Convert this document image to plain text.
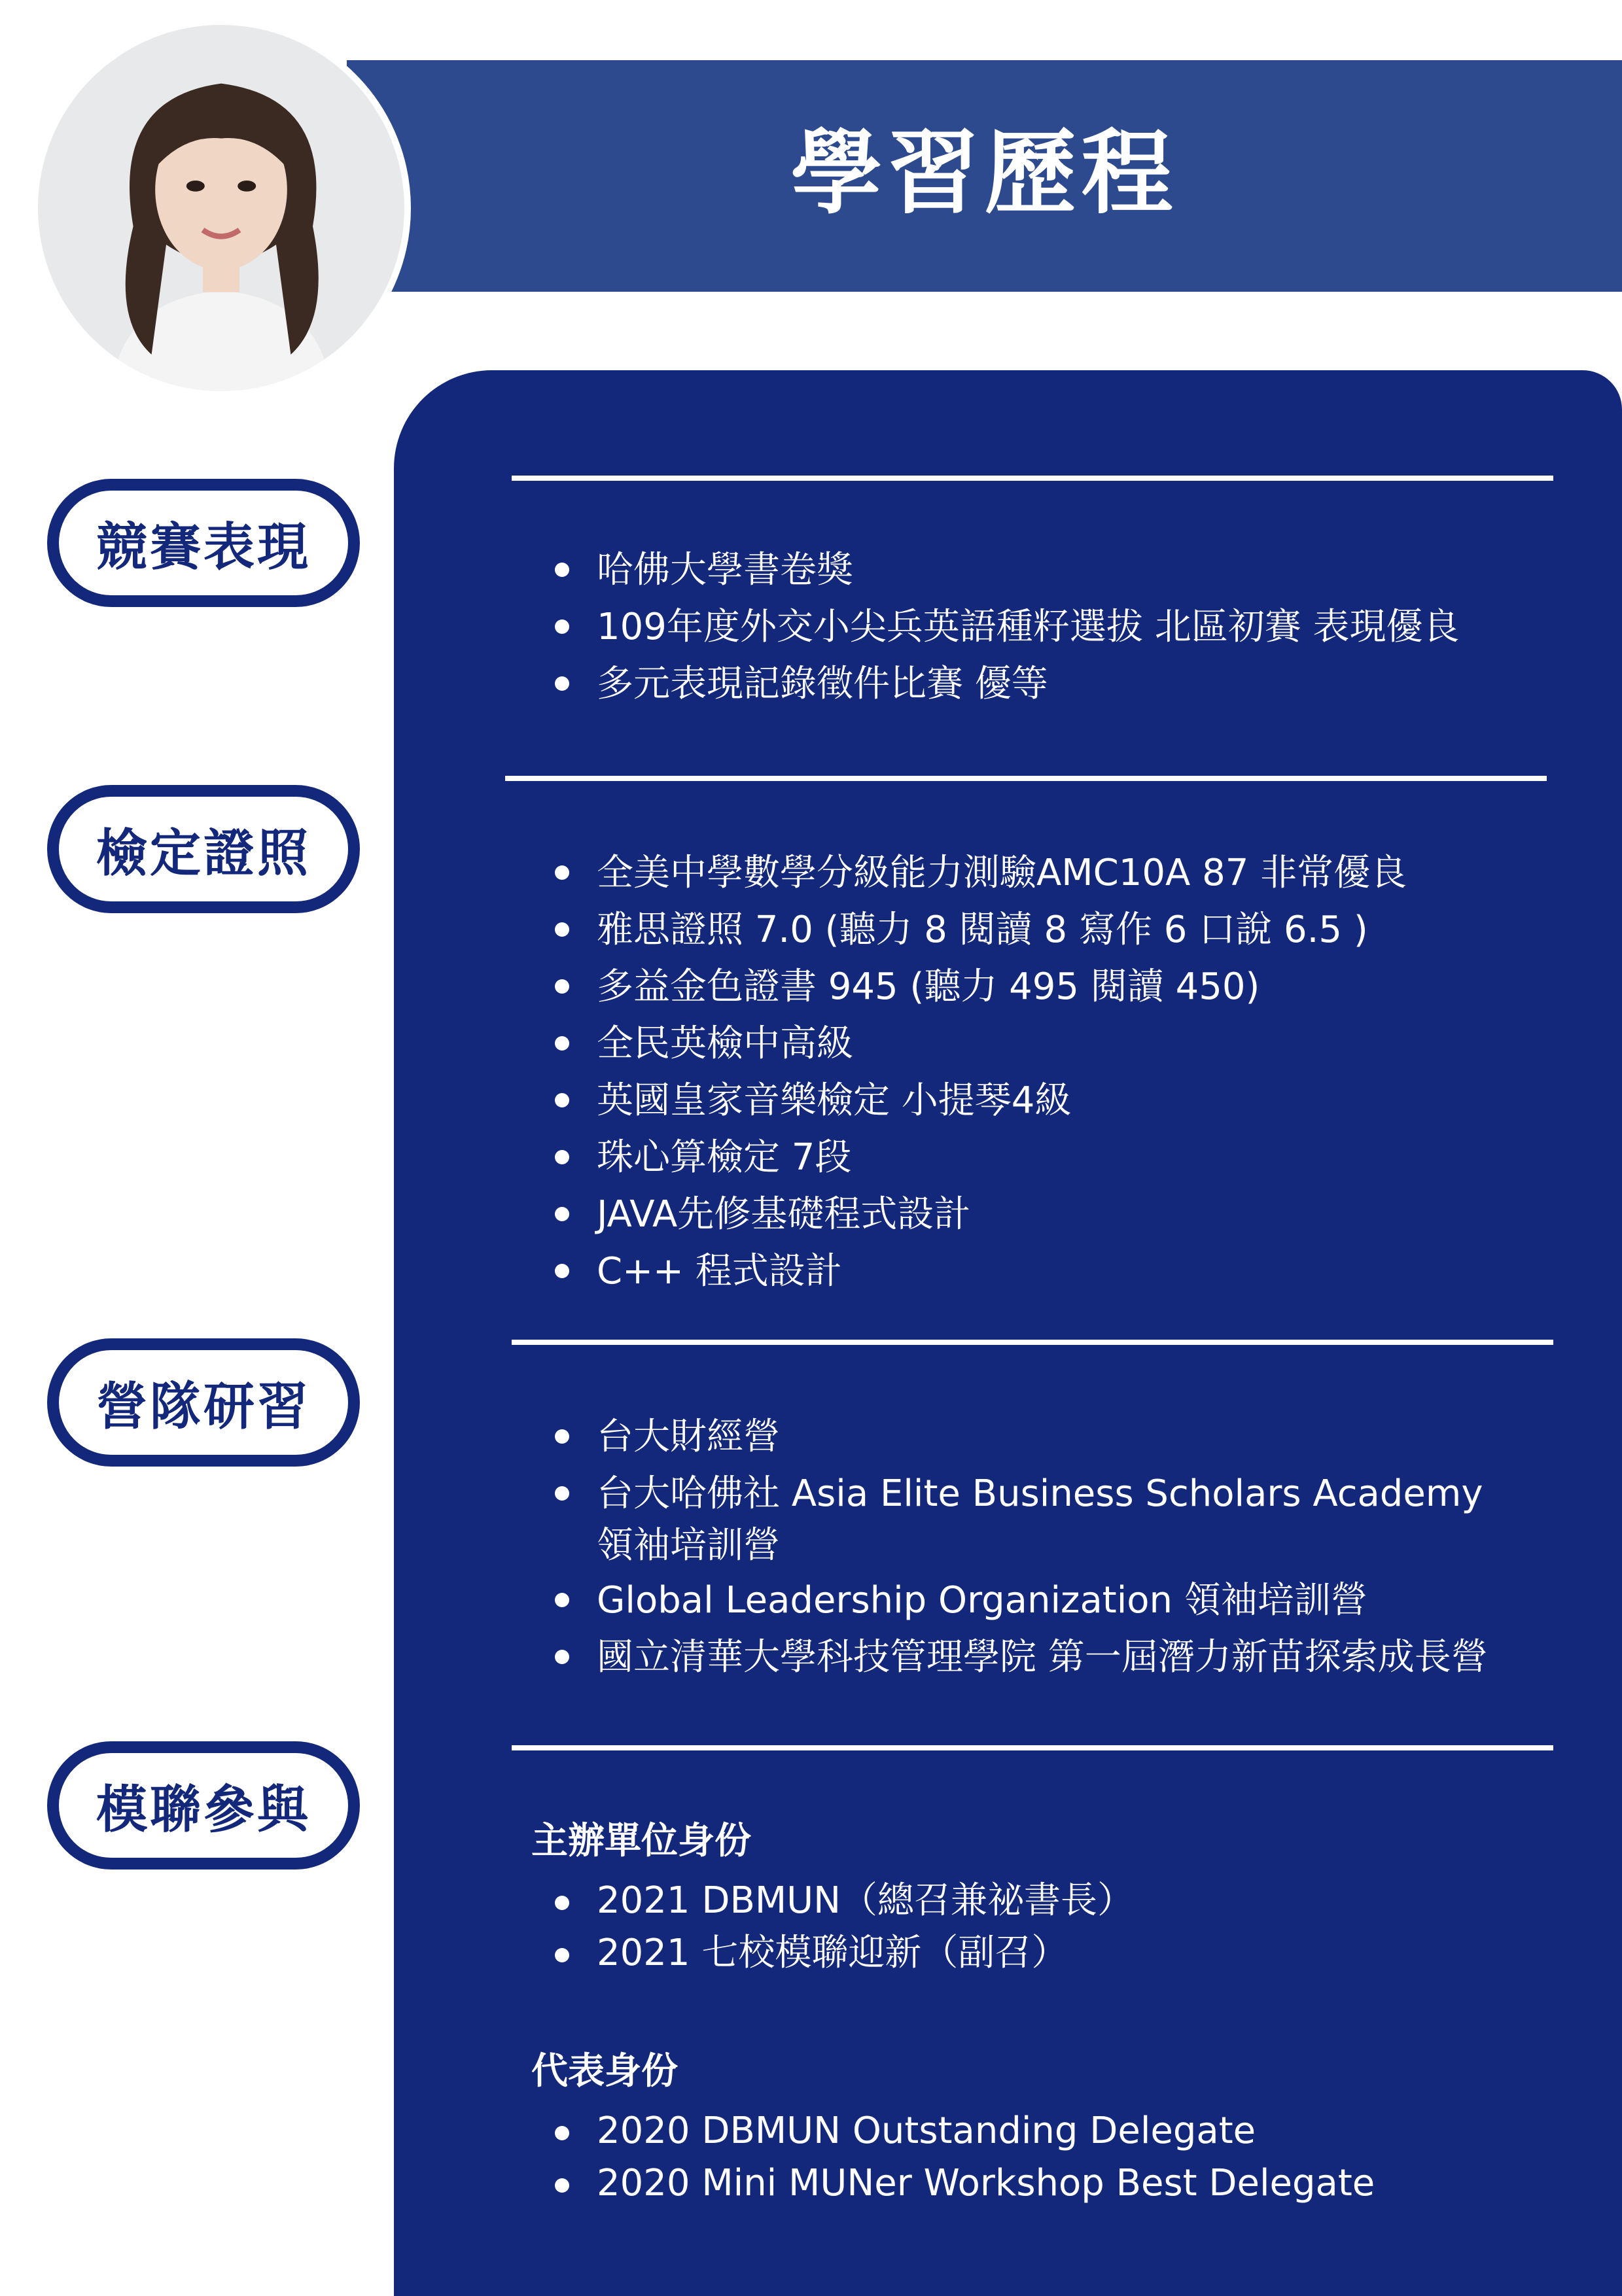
學習歷程
競賽表現
檢定證照
營隊研習
模聯參與
哈佛大學書卷獎
109年度外交小尖兵英語種籽選拔 北區初賽 表現優良
多元表現記錄徵件比賽 優等
全美中學數學分級能力測驗AMC10A 87 非常優良
雅思證照 7.0 (聽力 8 閱讀 8 寫作 6 口說 6.5 )
多益金色證書 945 (聽力 495 閱讀 450)
全民英檢中高級
英國皇家音樂檢定 小提琴4級
珠心算檢定 7段
JAVA先修基礎程式設計
C++ 程式設計
台大財經營
台大哈佛社 Asia Elite Business Scholars Academy
領袖培訓營
Global Leadership Organization 領袖培訓營
國立清華大學科技管理學院 第一屆潛力新苗探索成長營

主辦單位身份

2021 DBMUN（總召兼祕書長）
2021 七校模聯迎新（副召）

代表身份

2020 DBMUN Outstanding Delegate
2020 Mini MUNer Workshop Best Delegate
